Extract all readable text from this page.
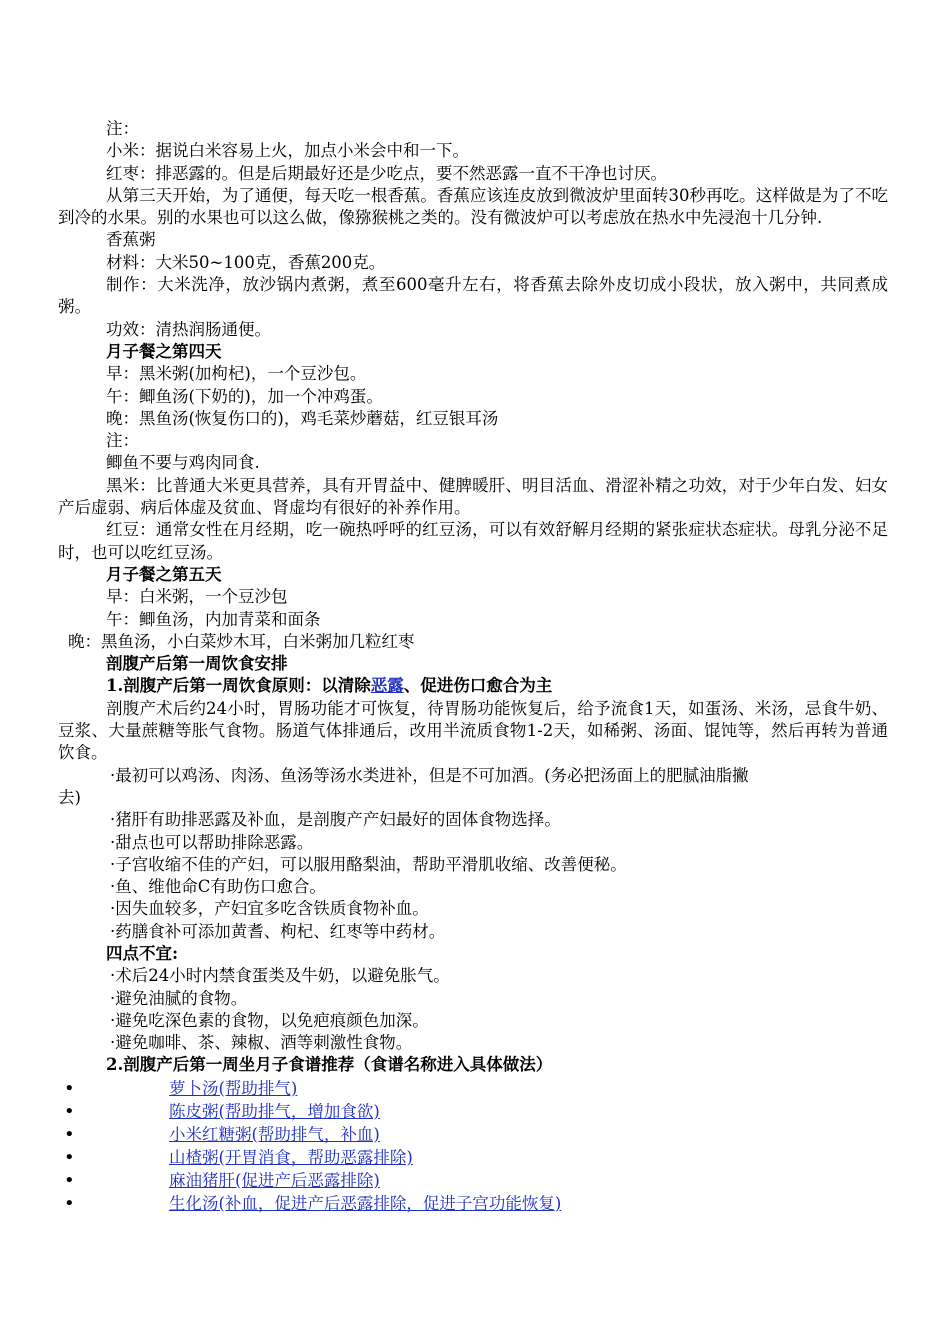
注：
小米：据说白米容易上火，加点小米会中和一下。
红枣：排恶露的。但是后期最好还是少吃点，要不然恶露一直不干净也讨厌。
从第三天开始，为了通便，每天吃一根香蕉。香蕉应该连皮放到微波炉里面转30秒再吃。这样做是为了不吃到冷的水果。别的水果也可以这么做，像猕猴桃之类的。没有微波炉可以考虑放在热水中先浸泡十几分钟.
香蕉粥
材料：大米50~100克，香蕉200克。
制作：大米洗净，放沙锅内煮粥，煮至600毫升左右，将香蕉去除外皮切成小段状，放入粥中，共同煮成粥。
功效：清热润肠通便。
月子餐之第四天
早：黑米粥(加枸杞)，一个豆沙包。
午：鲫鱼汤(下奶的)，加一个冲鸡蛋。
晚：黑鱼汤(恢复伤口的)，鸡毛菜炒蘑菇，红豆银耳汤
注：
鲫鱼不要与鸡肉同食.
黑米：比普通大米更具营养，具有开胃益中、健脾暖肝、明目活血、滑涩补精之功效，对于少年白发、妇女产后虚弱、病后体虚及贫血、肾虚均有很好的补养作用。
红豆：通常女性在月经期，吃一碗热呼呼的红豆汤，可以有效舒解月经期的紧张症状态症状。母乳分泌不足时，也可以吃红豆汤。
月子餐之第五天
早：白米粥，一个豆沙包
午：鲫鱼汤，内加青菜和面条
晚：黑鱼汤，小白菜炒木耳，白米粥加几粒红枣
剖腹产后第一周饮食安排
1.剖腹产后第一周饮食原则：以清除恶露、促进伤口愈合为主
剖腹产术后约24小时，胃肠功能才可恢复，待胃肠功能恢复后，给予流食1天，如蛋汤、米汤，忌食牛奶、豆浆、大量蔗糖等胀气食物。肠道气体排通后，改用半流质食物1-2天，如稀粥、汤面、馄饨等，然后再转为普通饮食。
·最初可以鸡汤、肉汤、鱼汤等汤水类进补，但是不可加酒。(务必把汤面上的肥腻油脂撇
去)
·猪肝有助排恶露及补血，是剖腹产产妇最好的固体食物选择。
·甜点也可以帮助排除恶露。
·子宫收缩不佳的产妇，可以服用酪梨油，帮助平滑肌收缩、改善便秘。
·鱼、维他命C有助伤口愈合。
·因失血较多，产妇宜多吃含铁质食物补血。
·药膳食补可添加黄耆、枸杞、红枣等中药材。
四点不宜:
·术后24小时内禁食蛋类及牛奶，以避免胀气。
·避免油腻的食物。
·避免吃深色素的食物，以免疤痕颜色加深。
·避免咖啡、茶、辣椒、酒等刺激性食物。
2.剖腹产后第一周坐月子食谱推荐（食谱名称进入具体做法）
•	萝卜汤(帮助排气)
•	陈皮粥(帮助排气，增加食欲)
•	小米红糖粥(帮助排气，补血)
•	山楂粥(开胃消食，帮助恶露排除)
•	麻油猪肝(促进产后恶露排除)
•	生化汤(补血，促进产后恶露排除，促进子宫功能恢复)
